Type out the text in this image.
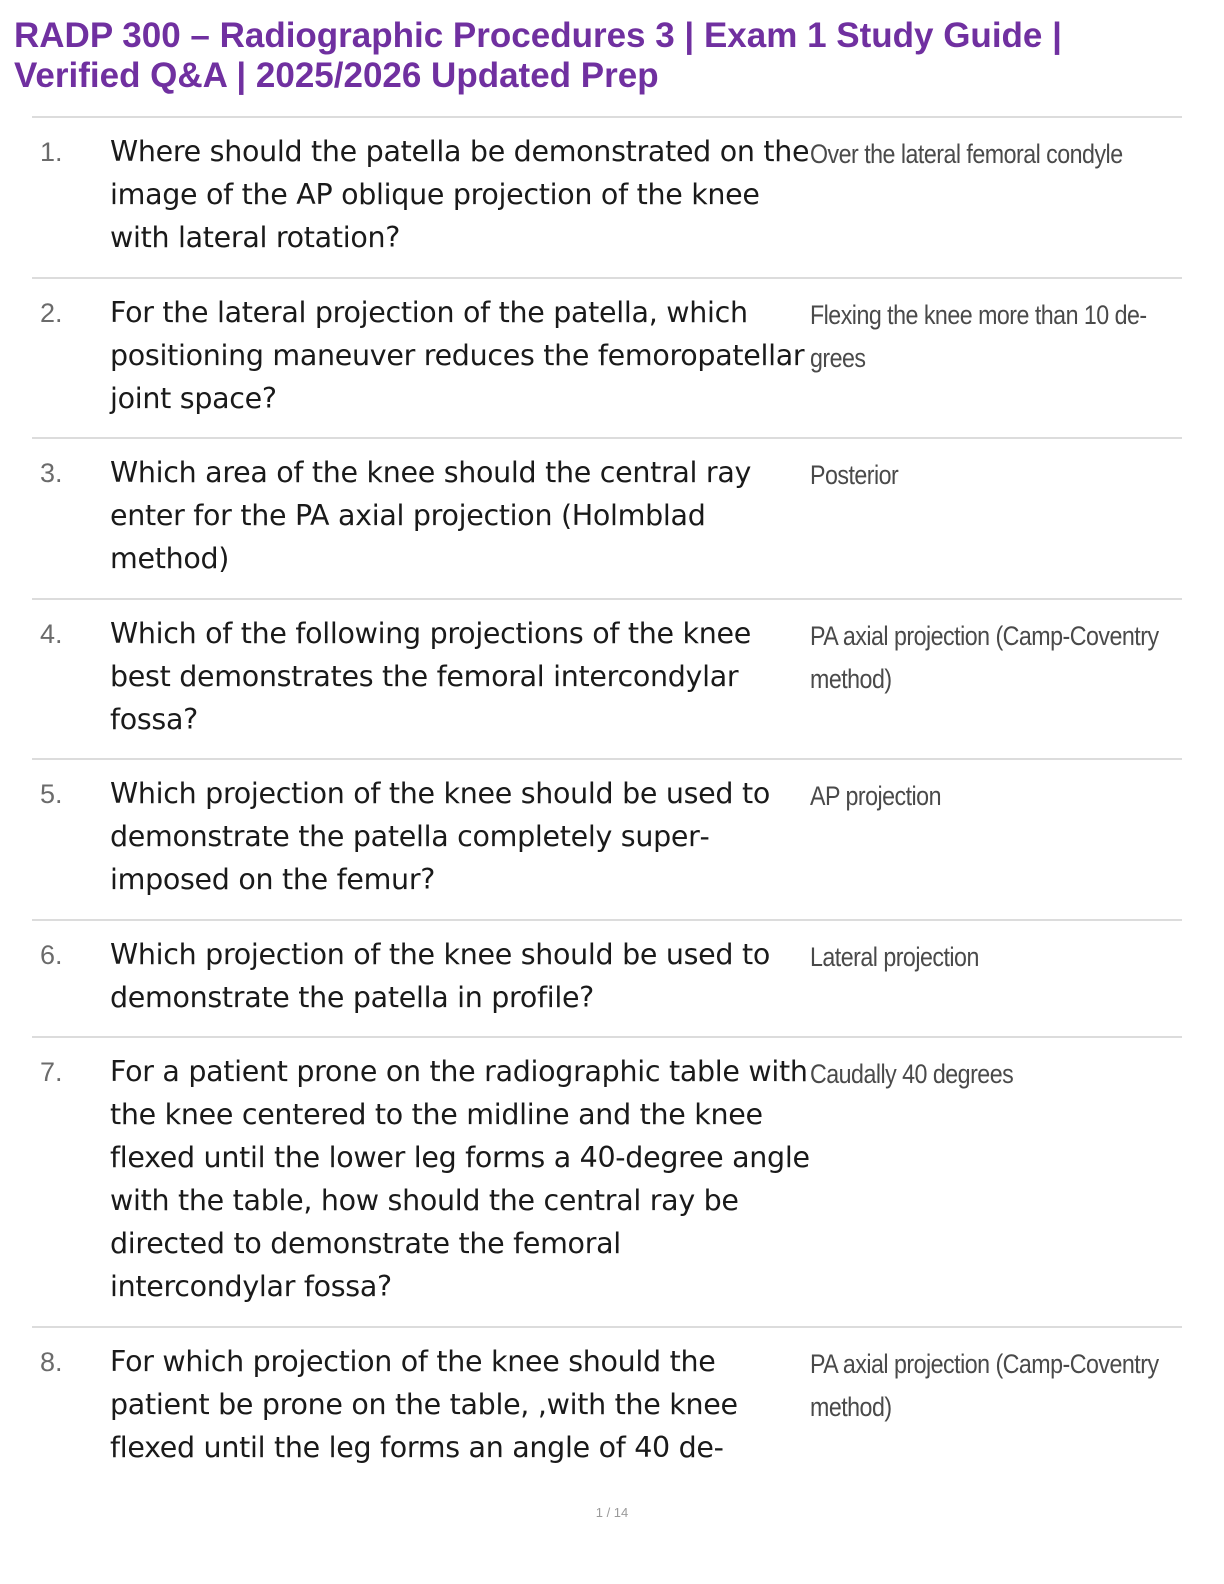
RADP 300 – Radiographic Procedures 3 | Exam 1 Study Guide | Verified Q&A | 2025/2026 Updated Prep
1. Where should the patella be demonstrated on the image of the AP oblique projection of the knee with lateral rotation?
Over the lateral femoral condyle
2. For the lateral projection of the patella, which positioning maneuver reduces the femoropatellar joint space?
Flexing the knee more than 10 degrees
3. Which area of the knee should the central ray enter for the PA axial projection (Holmblad method)
Posterior
4. Which of the following projections of the knee best demonstrates the femoral intercondylar fossa?
PA axial projection (Camp-Coventry method)
5. Which projection of the knee should be used to demonstrate the patella completely superimposed on the femur?
AP projection
6. Which projection of the knee should be used to demonstrate the patella in profile?
Lateral projection
7. For a patient prone on the radiographic table with the knee centered to the midline and the knee flexed until the lower leg forms a 40-degree angle with the table, how should the central ray be directed to demonstrate the femoral intercondylar fossa?
Caudally 40 degrees
8. For which projection of the knee should the patient be prone on the table, ,with the knee flexed until the leg forms an angle of 40 de-
PA axial projection (Camp-Coventry method)
1 / 14
